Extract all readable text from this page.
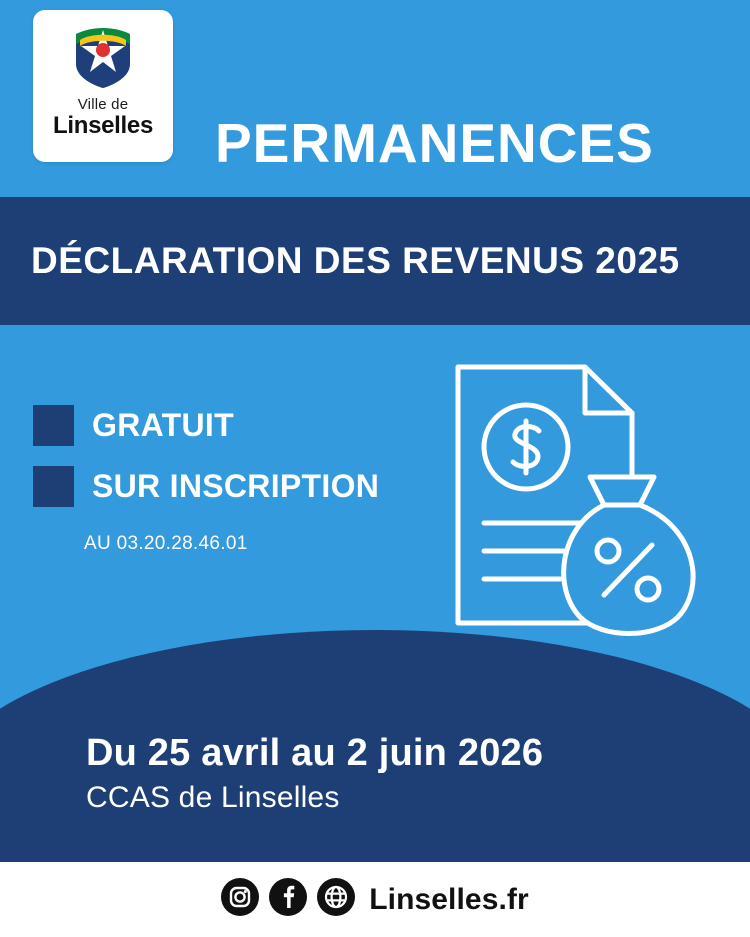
Ville de
Linselles PERMANENCES
DÉCLARATION DES REVENUS 2025
GRATUIT
SUR INSCRIPTION
AU 03.20.28.46.01
Du 25 avril au 2 juin 2026
CCAS de Linselles
Linselles.fr
